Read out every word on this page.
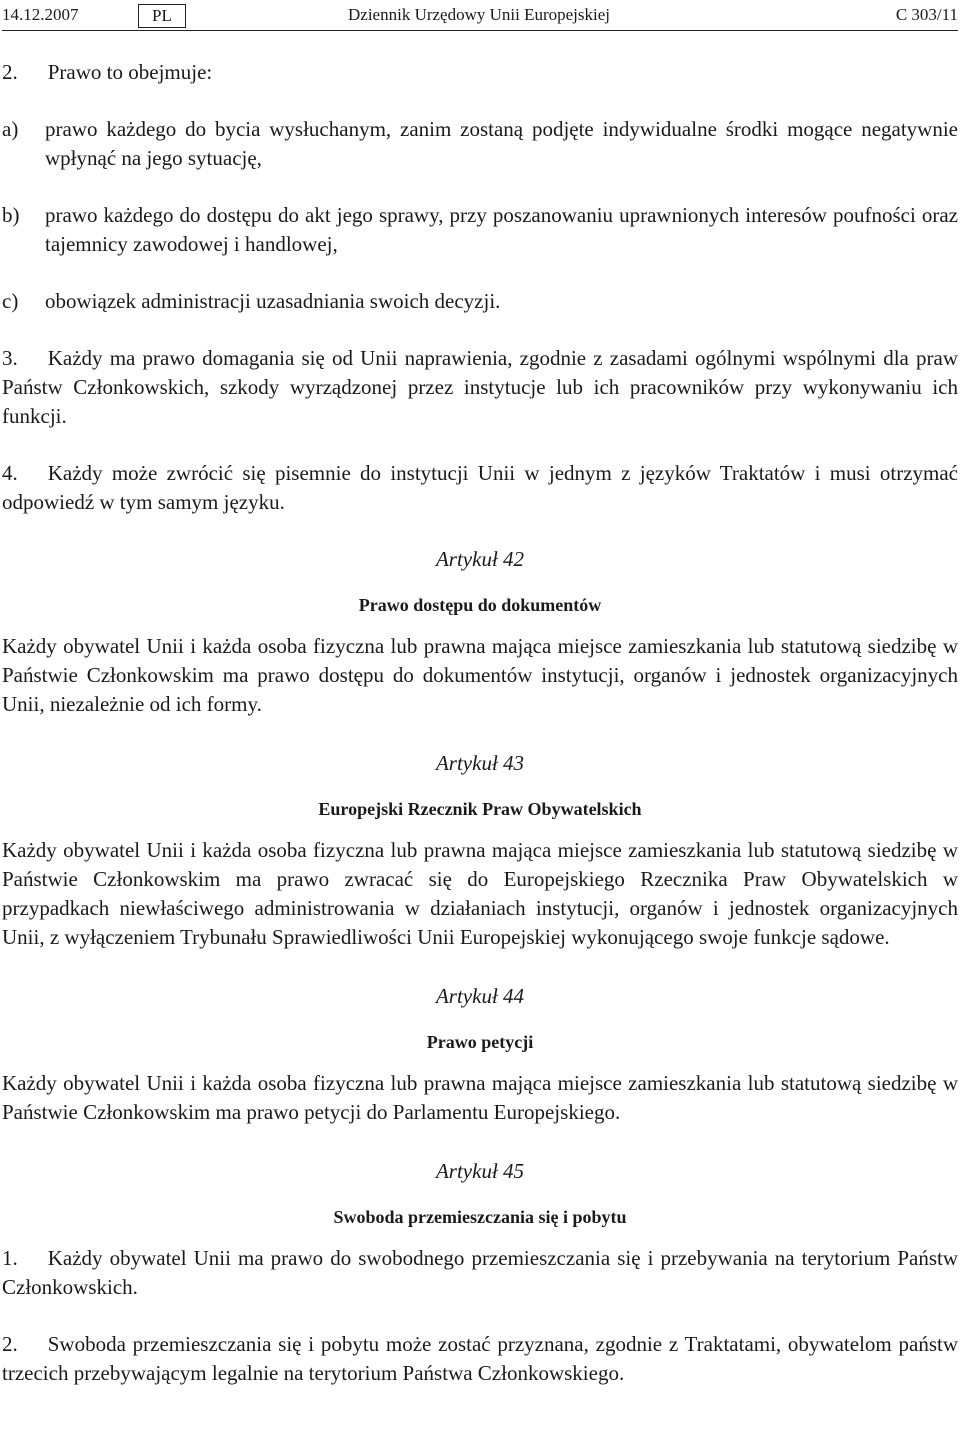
14.12.2007	PL	Dziennik Urzędowy Unii Europejskiej	C 303/11

2. Prawo to obejmuje:

a) prawo każdego do bycia wysłuchanym, zanim zostaną podjęte indywidualne środki mogące negatywnie wpłynąć na jego sytuację,
b) prawo każdego do dostępu do akt jego sprawy, przy poszanowaniu uprawnionych interesów poufności oraz tajemnicy zawodowej i handlowej,
c) obowiązek administracji uzasadniania swoich decyzji.

3. Każdy ma prawo domagania się od Unii naprawienia, zgodnie z zasadami ogólnymi wspólnymi dla praw Państw Członkowskich, szkody wyrządzonej przez instytucje lub ich pracowników przy wykonywaniu ich funkcji.

4. Każdy może zwrócić się pisemnie do instytucji Unii w jednym z języków Traktatów i musi otrzymać odpowiedź w tym samym języku.

Artykuł 42
Prawo dostępu do dokumentów

Każdy obywatel Unii i każda osoba fizyczna lub prawna mająca miejsce zamieszkania lub statutową siedzibę w Państwie Członkowskim ma prawo dostępu do dokumentów instytucji, organów i jednostek organizacyjnych Unii, niezależnie od ich formy.

Artykuł 43
Europejski Rzecznik Praw Obywatelskich

Każdy obywatel Unii i każda osoba fizyczna lub prawna mająca miejsce zamieszkania lub statutową siedzibę w Państwie Członkowskim ma prawo zwracać się do Europejskiego Rzecznika Praw Obywatelskich w przypadkach niewłaściwego administrowania w działaniach instytucji, organów i jednostek organizacyjnych Unii, z wyłączeniem Trybunału Sprawiedliwości Unii Europejskiej wykonującego swoje funkcje sądowe.

Artykuł 44
Prawo petycji

Każdy obywatel Unii i każda osoba fizyczna lub prawna mająca miejsce zamieszkania lub statutową siedzibę w Państwie Członkowskim ma prawo petycji do Parlamentu Europejskiego.

Artykuł 45
Swoboda przemieszczania się i pobytu

1. Każdy obywatel Unii ma prawo do swobodnego przemieszczania się i przebywania na terytorium Państw Członkowskich.

2. Swoboda przemieszczania się i pobytu może zostać przyznana, zgodnie z Traktatami, obywatelom państw trzecich przebywającym legalnie na terytorium Państwa Członkowskiego.
